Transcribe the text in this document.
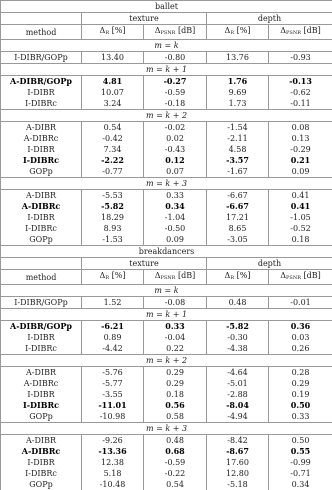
ballet				
	texture		depth	
method	$\Delta_R$ [%]	$\Delta_{PSNR}$ [dB]	$\Delta_R$ [%]	$\Delta_{PSNR}$ [dB]
m = k				
I-DIBR/GOPp	13.40	-0.80	13.76	-0.93
m = k + 1				
A-DIBR/GOPp	4.81	-0.27	1.76	-0.13
I-DIBR	10.07	-0.59	9.69	-0.62
I-DIBRc	3.24	-0.18	1.73	-0.11
m = k + 2				
A-DIBR	0.54	-0.02	-1.54	0.08
A-DIBRc	-0.42	0.02	-2.11	0.13
I-DIBR	7.34	-0.43	4.58	-0.29
I-DIBRc	-2.22	0.12	-3.57	0.21
GOPp	-0.77	0.07	-1.67	0.09
m = k + 3				
A-DIBR	-5.53	0.33	-6.67	0.41
A-DIBRc	-5.82	0.34	-6.67	0.41
I-DIBR	18.29	-1.04	17.21	-1.05
I-DIBRc	8.93	-0.50	8.65	-0.52
GOPp	-1.53	0.09	-3.05	0.18
breakdancers				
	texture		depth	
method	$\Delta_R$ [%]	$\Delta_{PSNR}$ [dB]	$\Delta_R$ [%]	$\Delta_{PSNR}$ [dB]
m = k				
I-DIBR/GOPp	1.52	-0.08	0.48	-0.01
m = k + 1				
A-DIBR/GOPp	-6.21	0.33	-5.82	0.36
I-DIBR	0.89	-0.04	-0.30	0.03
I-DIBRc	-4.42	0.22	-4.38	0.26
m = k + 2				
A-DIBR	-5.76	0.29	-4.64	0.28
A-DIBRc	-5.77	0.29	-5.01	0.29
I-DIBR	-3.55	0.18	-2.88	0.19
I-DIBRc	-11.01	0.56	-8.04	0.50
GOPp	-10.98	0.58	-4.94	0.33
m = k + 3				
A-DIBR	-9.26	0.48	-8.42	0.50
A-DIBRc	-13.36	0.68	-8.67	0.55
I-DIBR	12.38	-0.59	17.60	-0.99
I-DIBRc	5.18	-0.22	12.80	-0.71
GOPp	-10.48	0.54	-5.18	0.34
